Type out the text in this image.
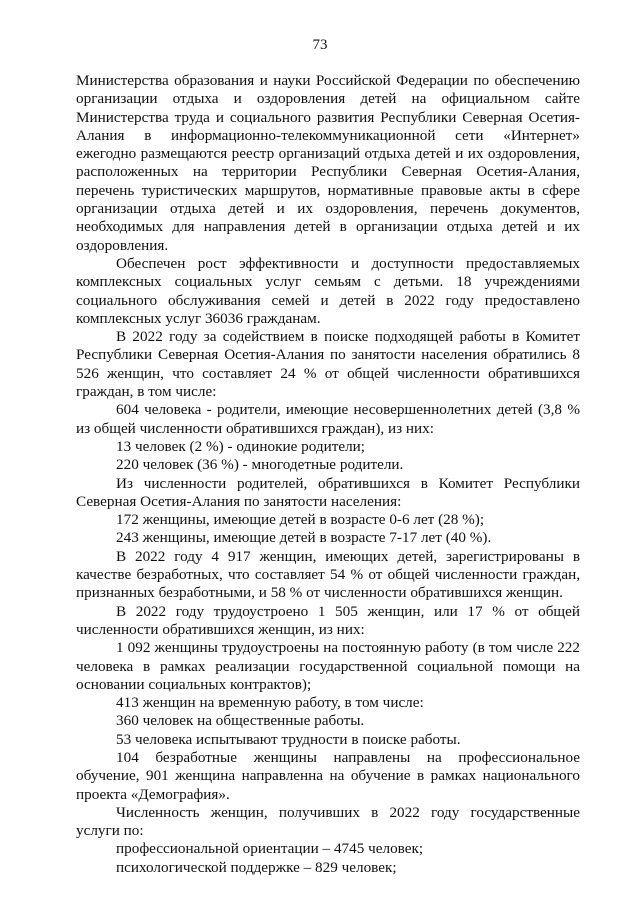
73

Министерства образования и науки Российской Федерации по обеспечению организации отдыха и оздоровления детей на официальном сайте Министерства труда и социального развития Республики Северная Осетия-Алания в информационно-телекоммуникационной сети «Интернет» ежегодно размещаются реестр организаций отдыха детей и их оздоровления, расположенных на территории Республики Северная Осетия-Алания, перечень туристических маршрутов, нормативные правовые акты в сфере организации отдыха детей и их оздоровления, перечень документов, необходимых для направления детей в организации отдыха детей и их оздоровления.

Обеспечен рост эффективности и доступности предоставляемых комплексных социальных услуг семьям с детьми. 18 учреждениями социального обслуживания семей и детей в 2022 году предоставлено комплексных услуг 36036 гражданам.

В 2022 году за содействием в поиске подходящей работы в Комитет Республики Северная Осетия-Алания по занятости населения обратились 8 526 женщин, что составляет 24 % от общей численности обратившихся граждан, в том числе:

604 человека - родители, имеющие несовершеннолетних детей (3,8 % из общей численности обратившихся граждан), из них:

13 человек (2 %) - одинокие родители;

220 человек (36 %) - многодетные родители.

Из численности родителей, обратившихся в Комитет Республики Северная Осетия-Алания по занятости населения:

172 женщины, имеющие детей в возрасте 0-6 лет (28 %);

243 женщины, имеющие детей в возрасте 7-17 лет (40 %).

В 2022 году 4 917 женщин, имеющих детей, зарегистрированы в качестве безработных, что составляет 54 % от общей численности граждан, признанных безработными, и 58 % от численности обратившихся женщин.

В 2022 году трудоустроено 1 505 женщин, или 17 % от общей численности обратившихся женщин, из них:

1 092 женщины трудоустроены на постоянную работу (в том числе 222 человека в рамках реализации государственной социальной помощи на основании социальных контрактов);

413 женщин на временную работу, в том числе:

360 человек на общественные работы.

53 человека испытывают трудности в поиске работы.

104 безработные женщины направлены на профессиональное обучение, 901 женщина направленна на обучение в рамках национального проекта «Демография».

Численность женщин, получивших в 2022 году государственные услуги по:

профессиональной ориентации – 4745 человек;

психологической поддержке – 829 человек;
